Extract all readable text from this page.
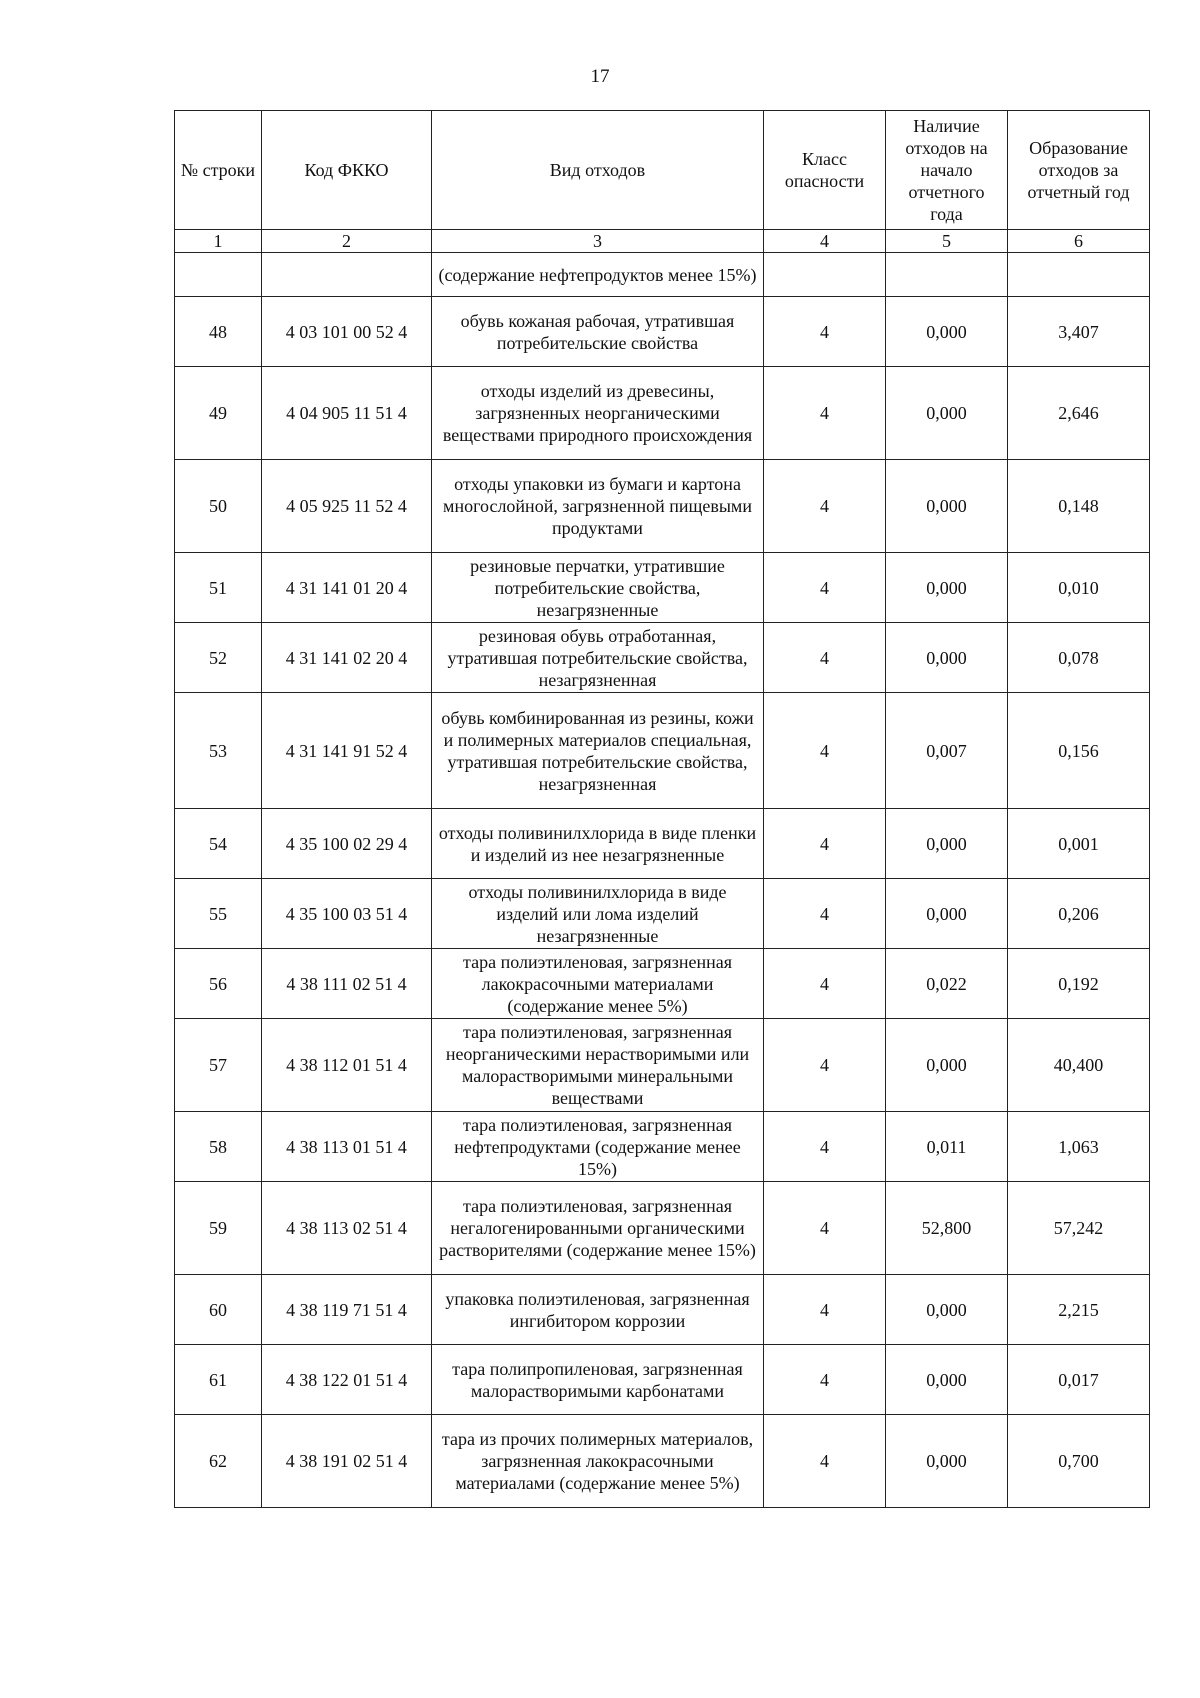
17
№ строки	Код ФККО	Вид отходов	Класс опасности	Наличие отходов на начало отчетного года	Образование отходов за отчетный год
1	2	3	4	5	6
		(содержание нефтепродуктов менее 15%)			
48	4 03 101 00 52 4	обувь кожаная рабочая, утратившая потребительские свойства	4	0,000	3,407
49	4 04 905 11 51 4	отходы изделий из древесины, загрязненных неорганическими веществами природного происхождения	4	0,000	2,646
50	4 05 925 11 52 4	отходы упаковки из бумаги и картона многослойной, загрязненной пищевыми продуктами	4	0,000	0,148
51	4 31 141 01 20 4	резиновые перчатки, утратившие потребительские свойства, незагрязненные	4	0,000	0,010
52	4 31 141 02 20 4	резиновая обувь отработанная, утратившая потребительские свойства, незагрязненная	4	0,000	0,078
53	4 31 141 91 52 4	обувь комбинированная из резины, кожи и полимерных материалов специальная, утратившая потребительские свойства, незагрязненная	4	0,007	0,156
54	4 35 100 02 29 4	отходы поливинилхлорида в виде пленки и изделий из нее незагрязненные	4	0,000	0,001
55	4 35 100 03 51 4	отходы поливинилхлорида в виде изделий или лома изделий незагрязненные	4	0,000	0,206
56	4 38 111 02 51 4	тара полиэтиленовая, загрязненная лакокрасочными материалами (содержание менее 5%)	4	0,022	0,192
57	4 38 112 01 51 4	тара полиэтиленовая, загрязненная неорганическими нерастворимыми или малорастворимыми минеральными веществами	4	0,000	40,400
58	4 38 113 01 51 4	тара полиэтиленовая, загрязненная нефтепродуктами (содержание менее 15%)	4	0,011	1,063
59	4 38 113 02 51 4	тара полиэтиленовая, загрязненная негалогенированными органическими растворителями (содержание менее 15%)	4	52,800	57,242
60	4 38 119 71 51 4	упаковка полиэтиленовая, загрязненная ингибитором коррозии	4	0,000	2,215
61	4 38 122 01 51 4	тара полипропиленовая, загрязненная малорастворимыми карбонатами	4	0,000	0,017
62	4 38 191 02 51 4	тара из прочих полимерных материалов, загрязненная лакокрасочными материалами (содержание менее 5%)	4	0,000	0,700
